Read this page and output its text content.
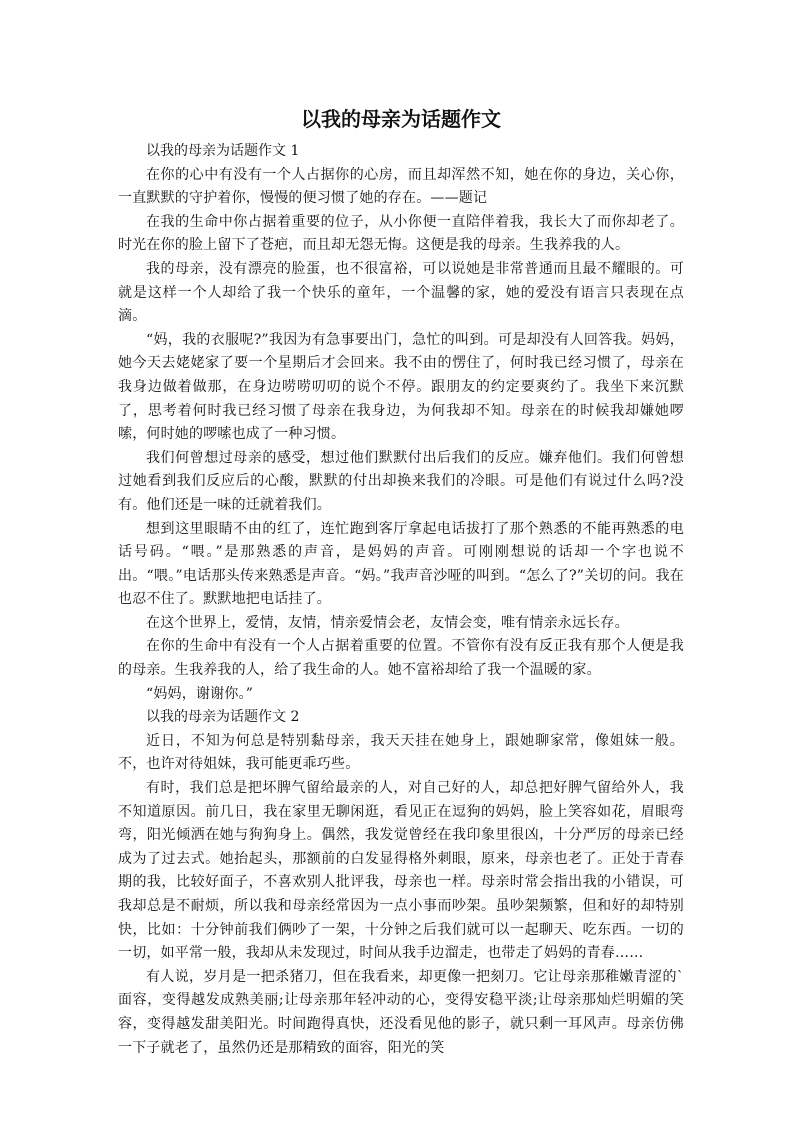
以我的母亲为话题作文

以我的母亲为话题作文 1

在你的心中有没有一个人占据你的心房，而且却浑然不知，她在你的身边，关心你，一直默默的守护着你，慢慢的便习惯了她的存在。——题记

在我的生命中你占据着重要的位子，从小你便一直陪伴着我，我长大了而你却老了。时光在你的脸上留下了苍疤，而且却无怨无悔。这便是我的母亲。生我养我的人。

我的母亲，没有漂亮的脸蛋，也不很富裕，可以说她是非常普通而且最不耀眼的。可就是这样一个人却给了我一个快乐的童年，一个温馨的家，她的爱没有语言只表现在点滴。

“妈，我的衣服呢?”我因为有急事要出门，急忙的叫到。可是却没有人回答我。妈妈，她今天去姥姥家了要一个星期后才会回来。我不由的愣住了，何时我已经习惯了，母亲在我身边做着做那，在身边唠唠叨叨的说个不停。跟朋友的约定要爽约了。我坐下来沉默了，思考着何时我已经习惯了母亲在我身边，为何我却不知。母亲在的时候我却嫌她啰嗦，何时她的啰嗦也成了一种习惯。

我们何曾想过母亲的感受，想过他们默默付出后我们的反应。嫌弃他们。我们何曾想过她看到我们反应后的心酸，默默的付出却换来我们的冷眼。可是他们有说过什么吗?没有。他们还是一味的迁就着我们。

想到这里眼睛不由的红了，连忙跑到客厅拿起电话拔打了那个熟悉的不能再熟悉的电话号码。“喂。”是那熟悉的声音，是妈妈的声音。可刚刚想说的话却一个字也说不出。“喂。”电话那头传来熟悉是声音。“妈。”我声音沙哑的叫到。“怎么了?”关切的问。我在也忍不住了。默默地把电话挂了。

在这个世界上，爱情，友情，情亲爱情会老，友情会变，唯有情亲永远长存。

在你的生命中有没有一个人占据着重要的位置。不管你有没有反正我有那个人便是我的母亲。生我养我的人，给了我生命的人。她不富裕却给了我一个温暖的家。

“妈妈，谢谢你。”

以我的母亲为话题作文 2

近日，不知为何总是特别黏母亲，我天天挂在她身上，跟她聊家常，像姐妹一般。不，也许对待姐妹，我可能更乖巧些。

有时，我们总是把坏脾气留给最亲的人，对自己好的人，却总把好脾气留给外人，我不知道原因。前几日，我在家里无聊闲逛，看见正在逗狗的妈妈，脸上笑容如花，眉眼弯弯，阳光倾洒在她与狗狗身上。偶然，我发觉曾经在我印象里很凶，十分严厉的母亲已经成为了过去式。她抬起头，那额前的白发显得格外刺眼，原来，母亲也老了。正处于青春期的我，比较好面子，不喜欢别人批评我，母亲也一样。母亲时常会指出我的小错误，可我却总是不耐烦，所以我和母亲经常因为一点小事而吵架。虽吵架频繁，但和好的却特别快，比如：十分钟前我们俩吵了一架，十分钟之后我们就可以一起聊天、吃东西。一切的一切，如平常一般，我却从未发现过，时间从我手边溜走，也带走了妈妈的青春……

有人说，岁月是一把杀猪刀，但在我看来，却更像一把刻刀。它让母亲那稚嫩青涩的`面容，变得越发成熟美丽;让母亲那年轻冲动的心，变得安稳平淡;让母亲那灿烂明媚的笑容，变得越发甜美阳光。时间跑得真快，还没看见他的影子，就只剩一耳风声。母亲仿佛一下子就老了，虽然仍还是那精致的面容，阳光的笑
